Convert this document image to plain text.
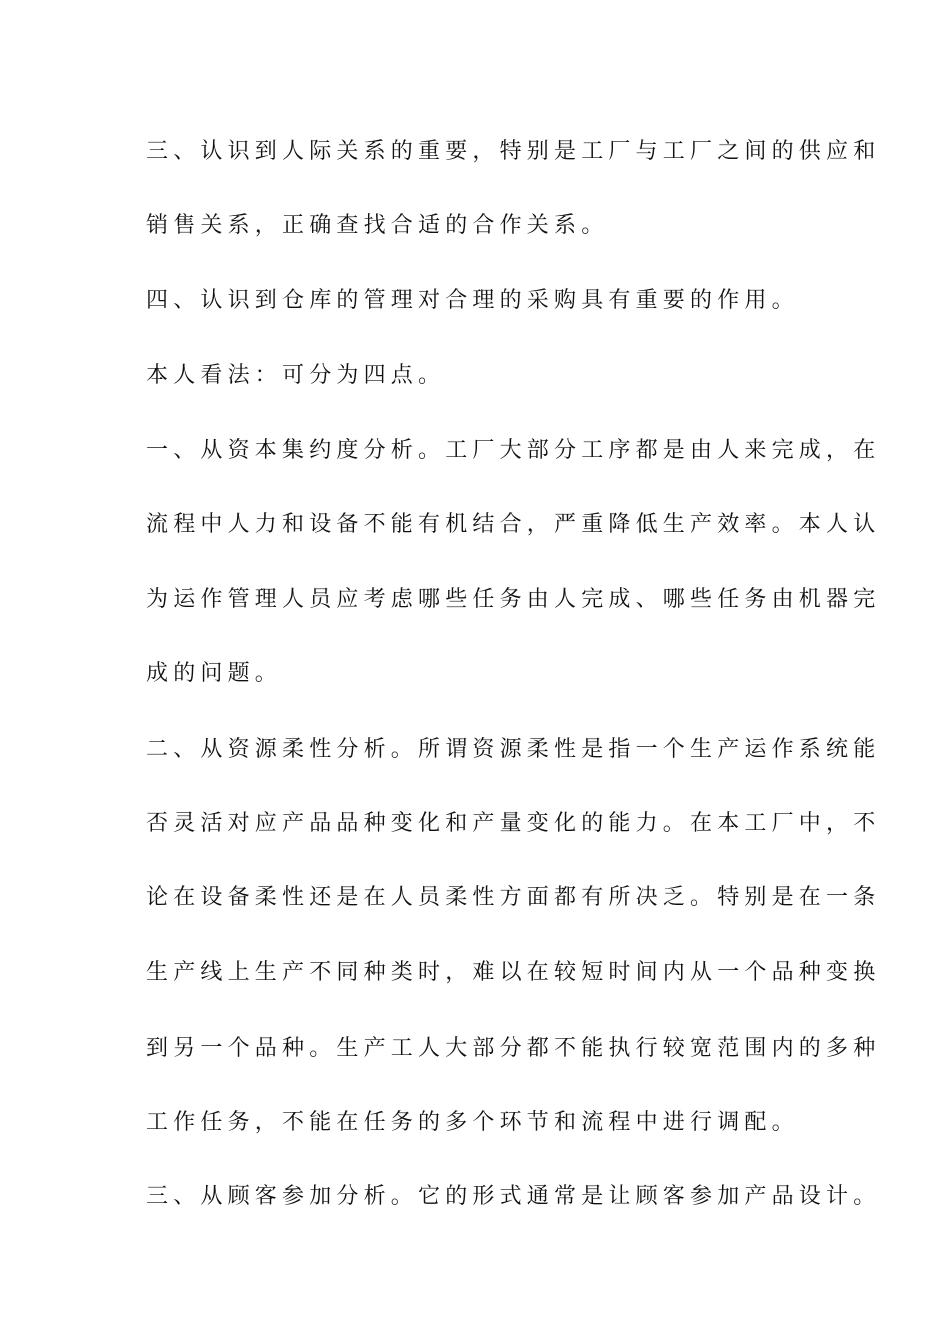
三、认识到人际关系的重要，特别是工厂与工厂之间的供应和
销售关系，正确查找合适的合作关系。
四、认识到仓库的管理对合理的采购具有重要的作用。
本人看法：可分为四点。
一、从资本集约度分析。工厂大部分工序都是由人来完成，在
流程中人力和设备不能有机结合，严重降低生产效率。本人认
为运作管理人员应考虑哪些任务由人完成、哪些任务由机器完
成的问题。
二、从资源柔性分析。所谓资源柔性是指一个生产运作系统能
否灵活对应产品品种变化和产量变化的能力。在本工厂中，不
论在设备柔性还是在人员柔性方面都有所决乏。特别是在一条
生产线上生产不同种类时，难以在较短时间内从一个品种变换
到另一个品种。生产工人大部分都不能执行较宽范围内的多种
工作任务，不能在任务的多个环节和流程中进行调配。
三、从顾客参加分析。它的形式通常是让顾客参加产品设计。
